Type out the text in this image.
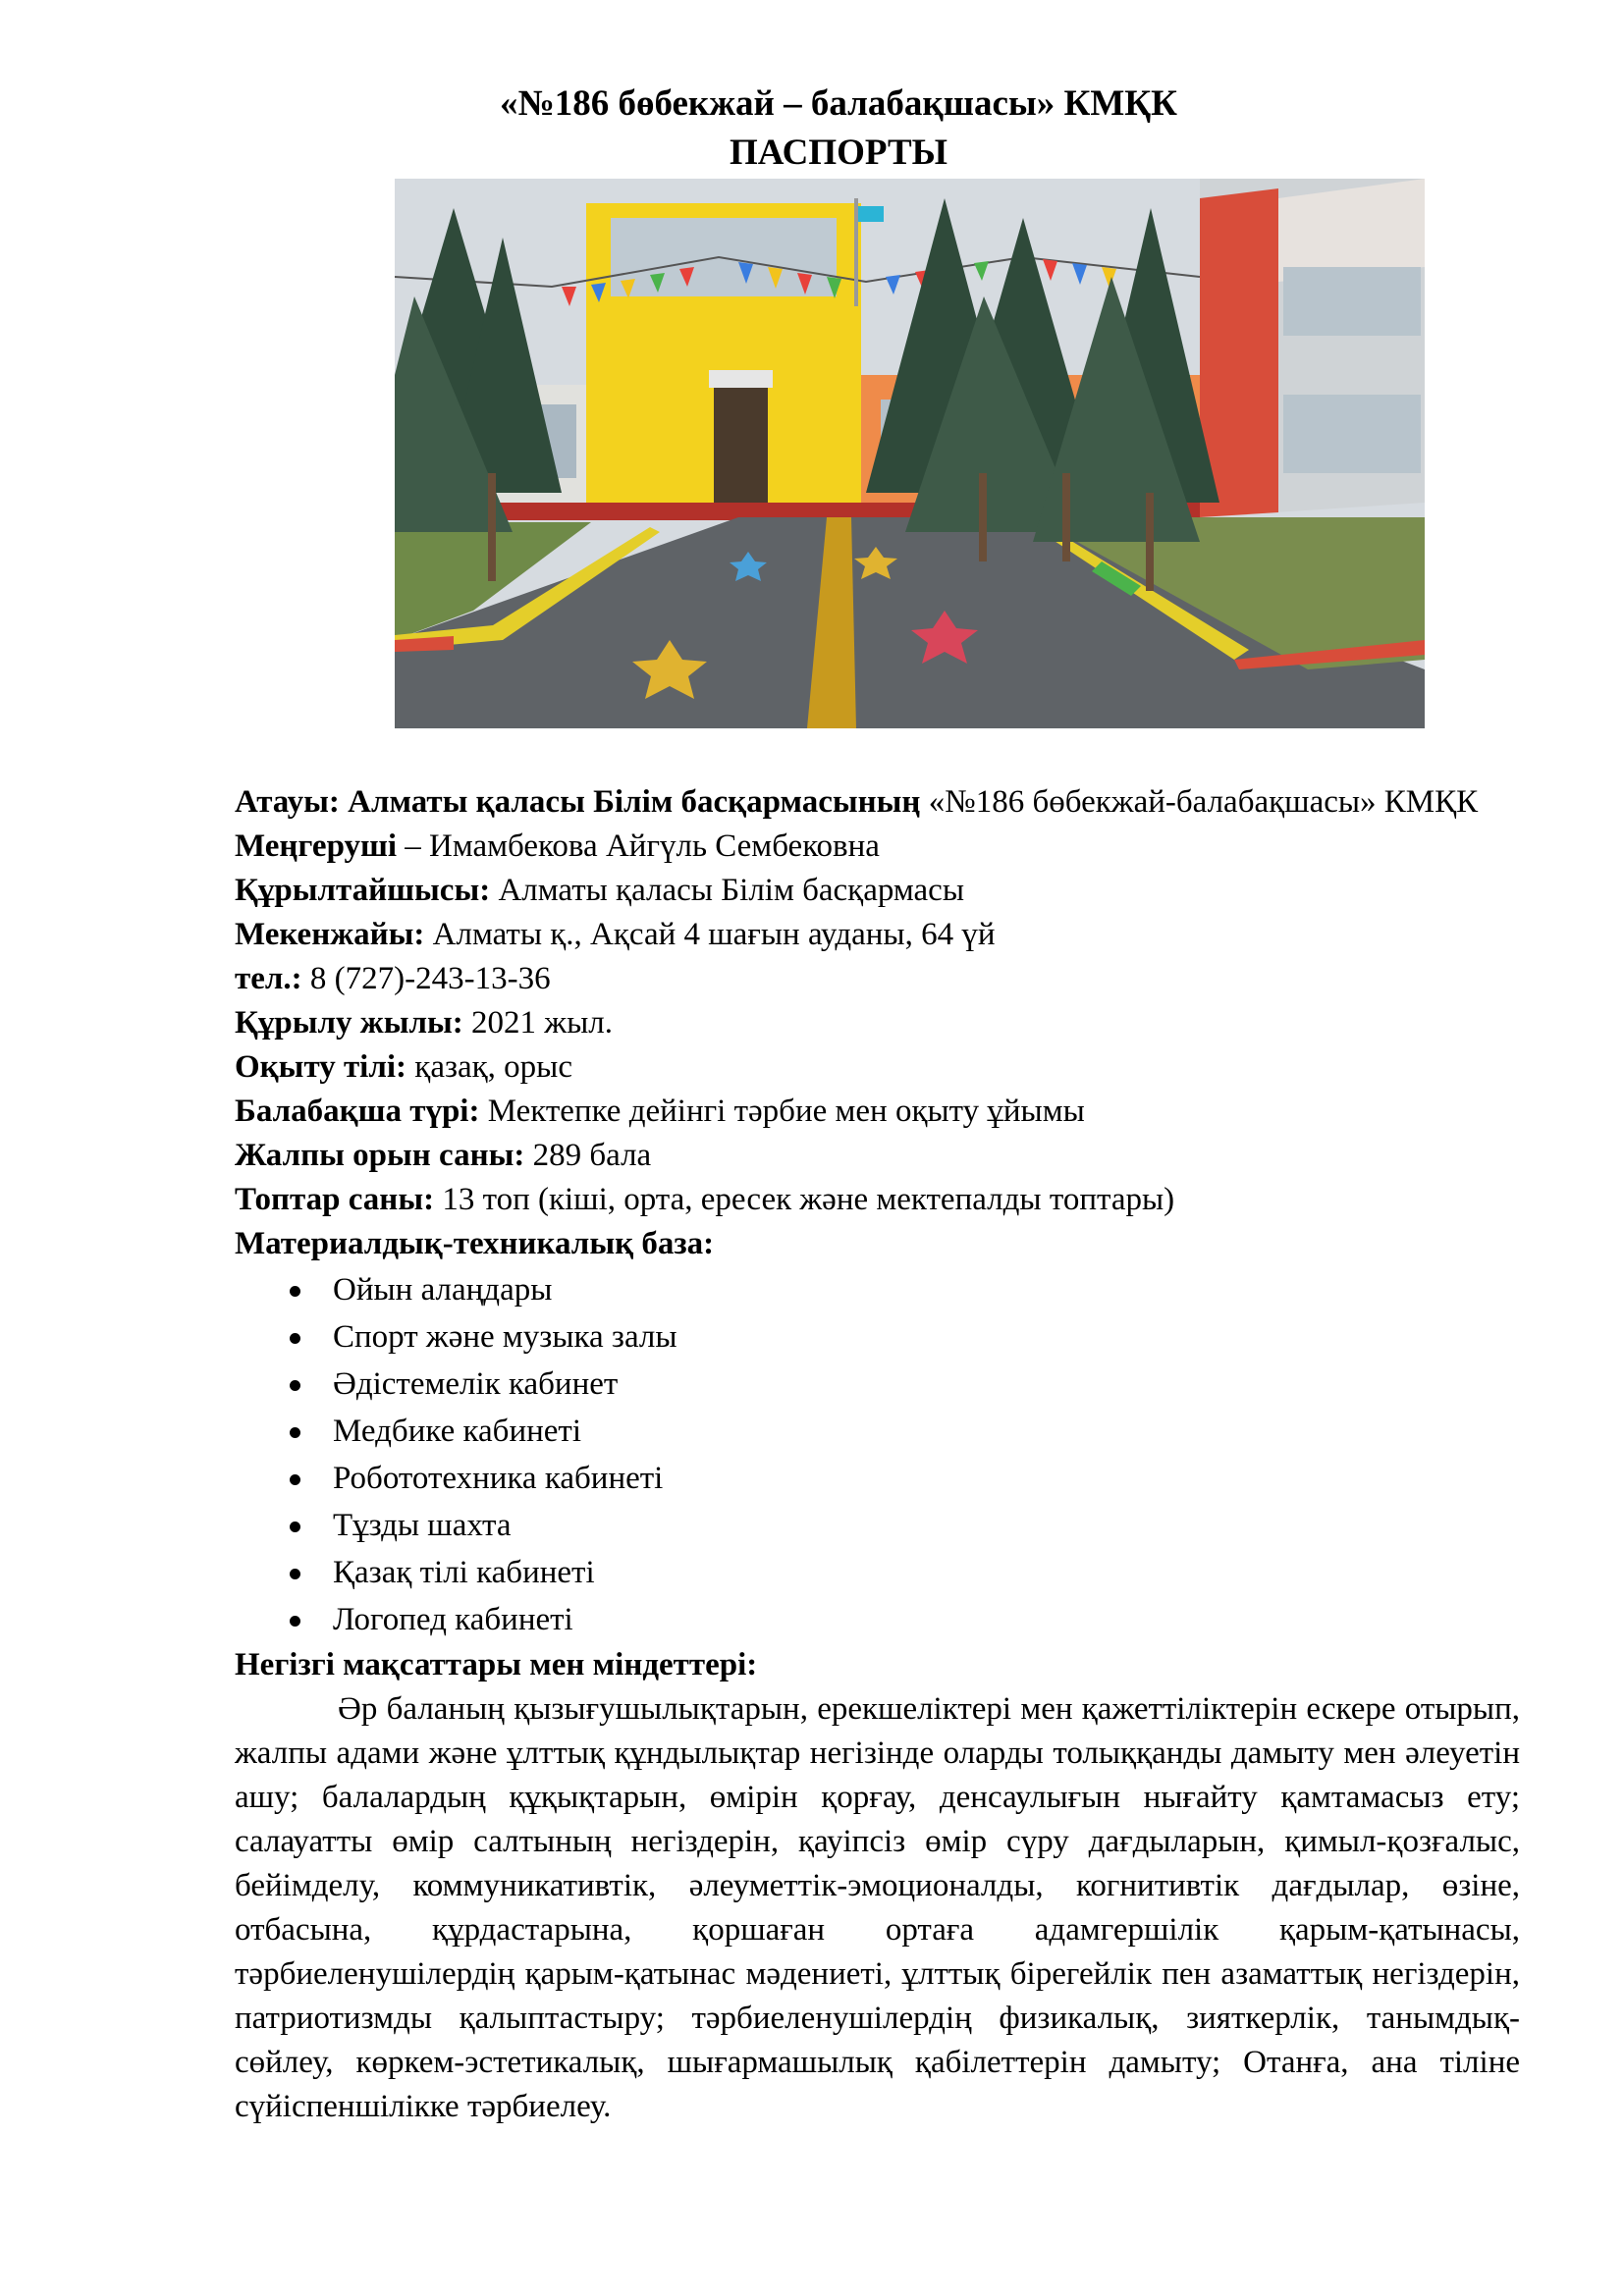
«№186 бөбекжай – балабақшасы» КМҚК
ПАСПОРТЫ

Атауы: Алматы қаласы Білім басқармасының «№186 бөбекжай-балабақшасы» КМҚК

Меңгеруші – Имамбекова Айгүль Сембековна

Құрылтайшысы: Алматы қаласы Білім басқармасы

Мекенжайы: Алматы қ., Ақсай 4 шағын ауданы, 64 үй

тел.: 8 (727)-243-13-36

Құрылу жылы: 2021 жыл.

Оқыту тілі: қазақ, орыс

Балабақша түрі: Мектепке дейінгі тәрбие мен оқыту ұйымы

Жалпы орын саны: 289 бала

Топтар саны: 13 топ (кіші, орта, ересек және мектепалды топтары)

Материалдық-техникалық база:

Ойын алаңдары
Спорт және музыка залы
Әдістемелік кабинет
Медбике кабинеті
Робототехника кабинеті
Тұзды шахта
Қазақ тілі кабинеті
Логопед кабинеті

Негізгі мақсаттары мен міндеттері:

Әр баланың қызығушылықтарын, ерекшеліктері мен қажеттіліктерін ескере отырып, жалпы адами және ұлттық құндылықтар негізінде оларды толыққанды дамыту мен әлеуетін ашу; балалардың құқықтарын, өмірін қорғау, денсаулығын нығайту қамтамасыз ету; салауатты өмір салтының негіздерін, қауіпсіз өмір сүру дағдыларын, қимыл-қозғалыс, бейімделу, коммуникативтік, әлеуметтік-эмоционалды, когнитивтік дағдылар, өзіне, отбасына, құрдастарына, қоршаған ортаға адамгершілік қарым-қатынасы, тәрбиеленушілердің қарым-қатынас мәдениеті, ұлттық бірегейлік пен азаматтық негіздерін, патриотизмды қалыптастыру; тәрбиеленушілердің физикалық, зияткерлік, танымдық-сөйлеу, көркем-эстетикалық, шығармашылық қабілеттерін дамыту; Отанға, ана тіліне сүйіспеншілікке тәрбиелеу.
